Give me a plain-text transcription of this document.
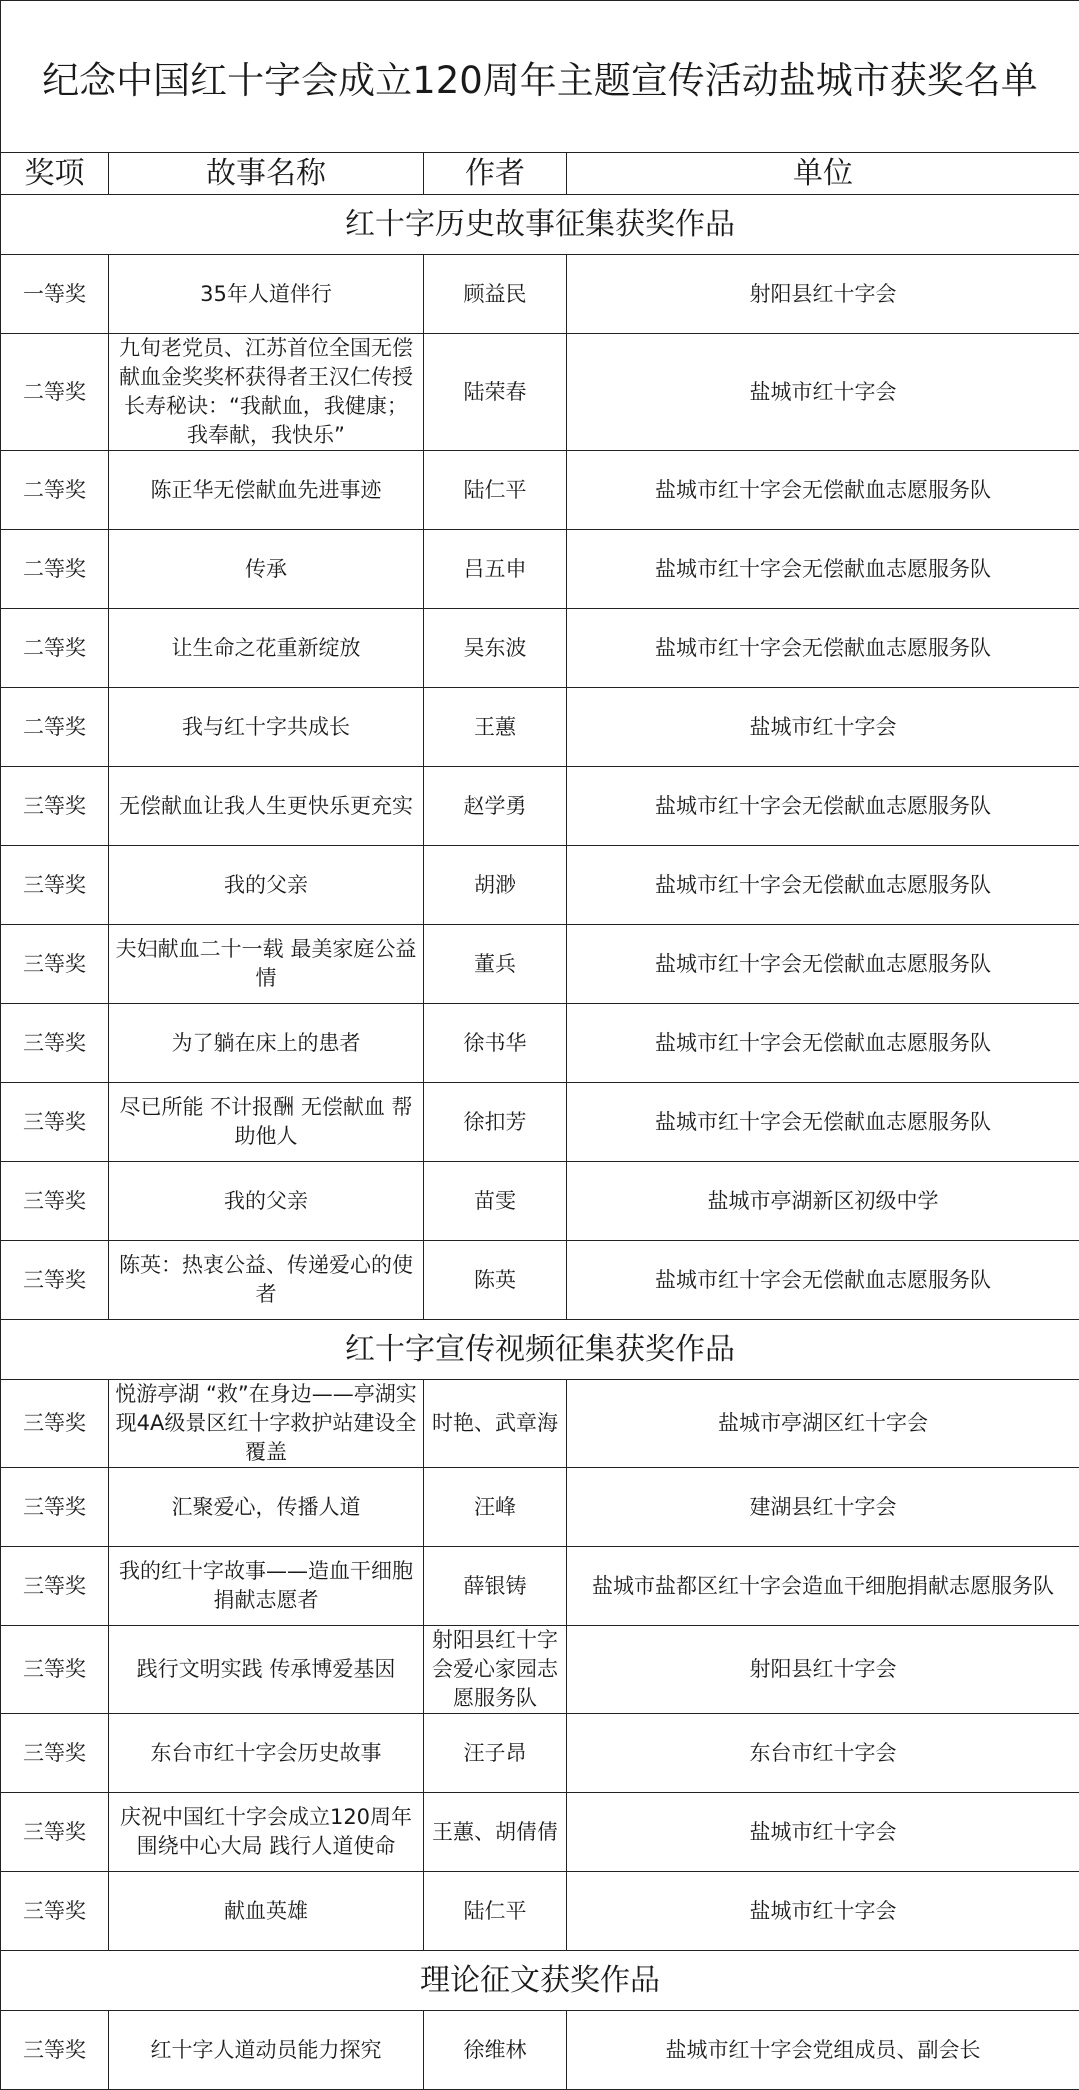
纪念中国红十字会成立120周年主题宣传活动盐城市获奖名单			
奖项	故事名称	作者	单位
红十字历史故事征集获奖作品			
一等奖	35年人道伴行	顾益民	射阳县红十字会
二等奖	九旬老党员、江苏首位全国无偿献血金奖奖杯获得者王汉仁传授长寿秘诀：“我献血，我健康；我奉献，我快乐”	陆荣春	盐城市红十字会
二等奖	陈正华无偿献血先进事迹	陆仁平	盐城市红十字会无偿献血志愿服务队
二等奖	传承	吕五申	盐城市红十字会无偿献血志愿服务队
二等奖	让生命之花重新绽放	吴东波	盐城市红十字会无偿献血志愿服务队
二等奖	我与红十字共成长	王蕙	盐城市红十字会
三等奖	无偿献血让我人生更快乐更充实	赵学勇	盐城市红十字会无偿献血志愿服务队
三等奖	我的父亲	胡渺	盐城市红十字会无偿献血志愿服务队
三等奖	夫妇献血二十一载 最美家庭公益情	董兵	盐城市红十字会无偿献血志愿服务队
三等奖	为了躺在床上的患者	徐书华	盐城市红十字会无偿献血志愿服务队
三等奖	尽已所能 不计报酬 无偿献血 帮助他人	徐扣芳	盐城市红十字会无偿献血志愿服务队
三等奖	我的父亲	苗雯	盐城市亭湖新区初级中学
三等奖	陈英：热衷公益、传递爱心的使者	陈英	盐城市红十字会无偿献血志愿服务队
红十字宣传视频征集获奖作品			
三等奖	悦游亭湖 “救”在身边——亭湖实现4A级景区红十字救护站建设全覆盖	时艳、武章海	盐城市亭湖区红十字会
三等奖	汇聚爱心，传播人道	汪峰	建湖县红十字会
三等奖	我的红十字故事——造血干细胞捐献志愿者	薛银铸	盐城市盐都区红十字会造血干细胞捐献志愿服务队
三等奖	践行文明实践 传承博爱基因	射阳县红十字会爱心家园志愿服务队	射阳县红十字会
三等奖	东台市红十字会历史故事	汪子昂	东台市红十字会
三等奖	庆祝中国红十字会成立120周年 围绕中心大局 践行人道使命	王蕙、胡倩倩	盐城市红十字会
三等奖	献血英雄	陆仁平	盐城市红十字会
理论征文获奖作品			
三等奖	红十字人道动员能力探究	徐维林	盐城市红十字会党组成员、副会长
